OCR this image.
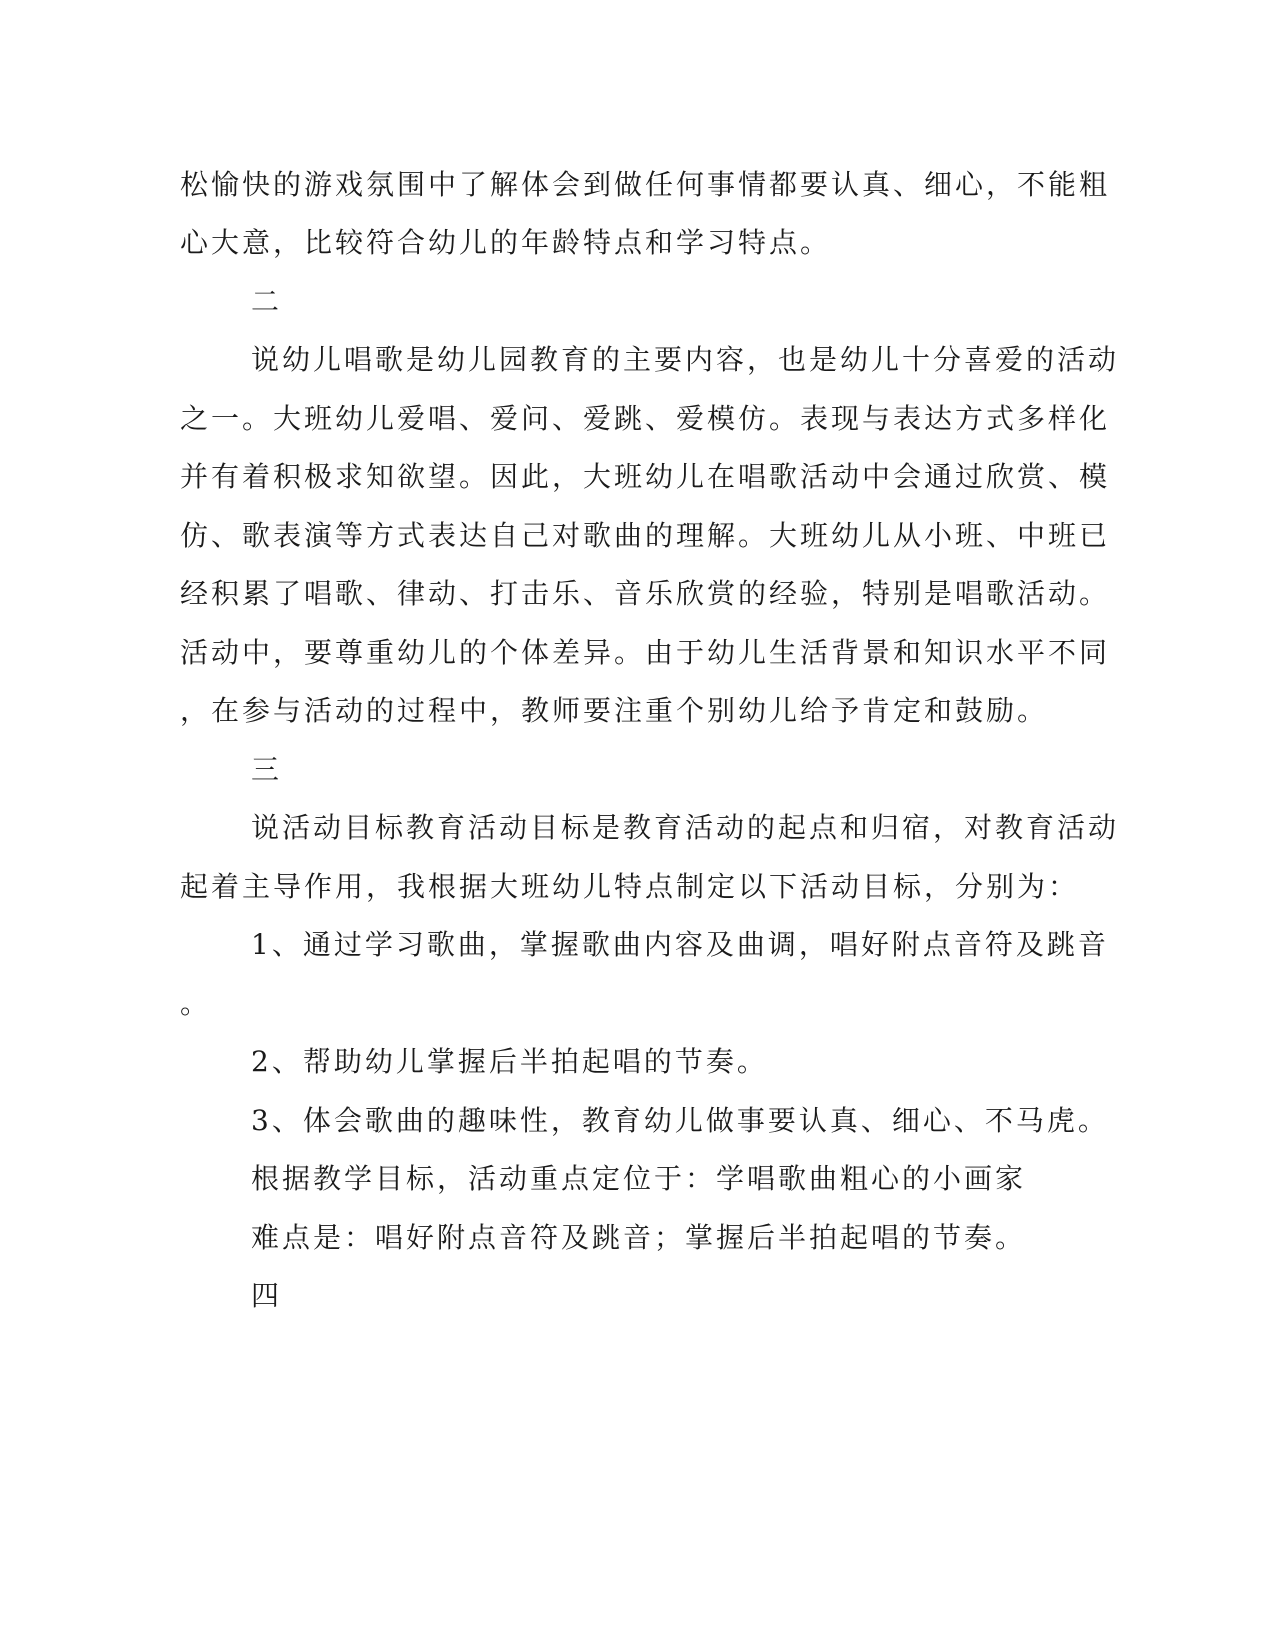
松愉快的游戏氛围中了解体会到做任何事情都要认真、细心，不能粗
心大意，比较符合幼儿的年龄特点和学习特点。
二
说幼儿唱歌是幼儿园教育的主要内容，也是幼儿十分喜爱的活动
之一。大班幼儿爱唱、爱问、爱跳、爱模仿。表现与表达方式多样化
并有着积极求知欲望。因此，大班幼儿在唱歌活动中会通过欣赏、模
仿、歌表演等方式表达自己对歌曲的理解。大班幼儿从小班、中班已
经积累了唱歌、律动、打击乐、音乐欣赏的经验，特别是唱歌活动。
活动中，要尊重幼儿的个体差异。由于幼儿生活背景和知识水平不同
，在参与活动的过程中，教师要注重个别幼儿给予肯定和鼓励。
三
说活动目标教育活动目标是教育活动的起点和归宿，对教育活动
起着主导作用，我根据大班幼儿特点制定以下活动目标，分别为：
1、通过学习歌曲，掌握歌曲内容及曲调，唱好附点音符及跳音
。
2、帮助幼儿掌握后半拍起唱的节奏。
3、体会歌曲的趣味性，教育幼儿做事要认真、细心、不马虎。
根据教学目标，活动重点定位于：学唱歌曲粗心的小画家
难点是：唱好附点音符及跳音；掌握后半拍起唱的节奏。
四
